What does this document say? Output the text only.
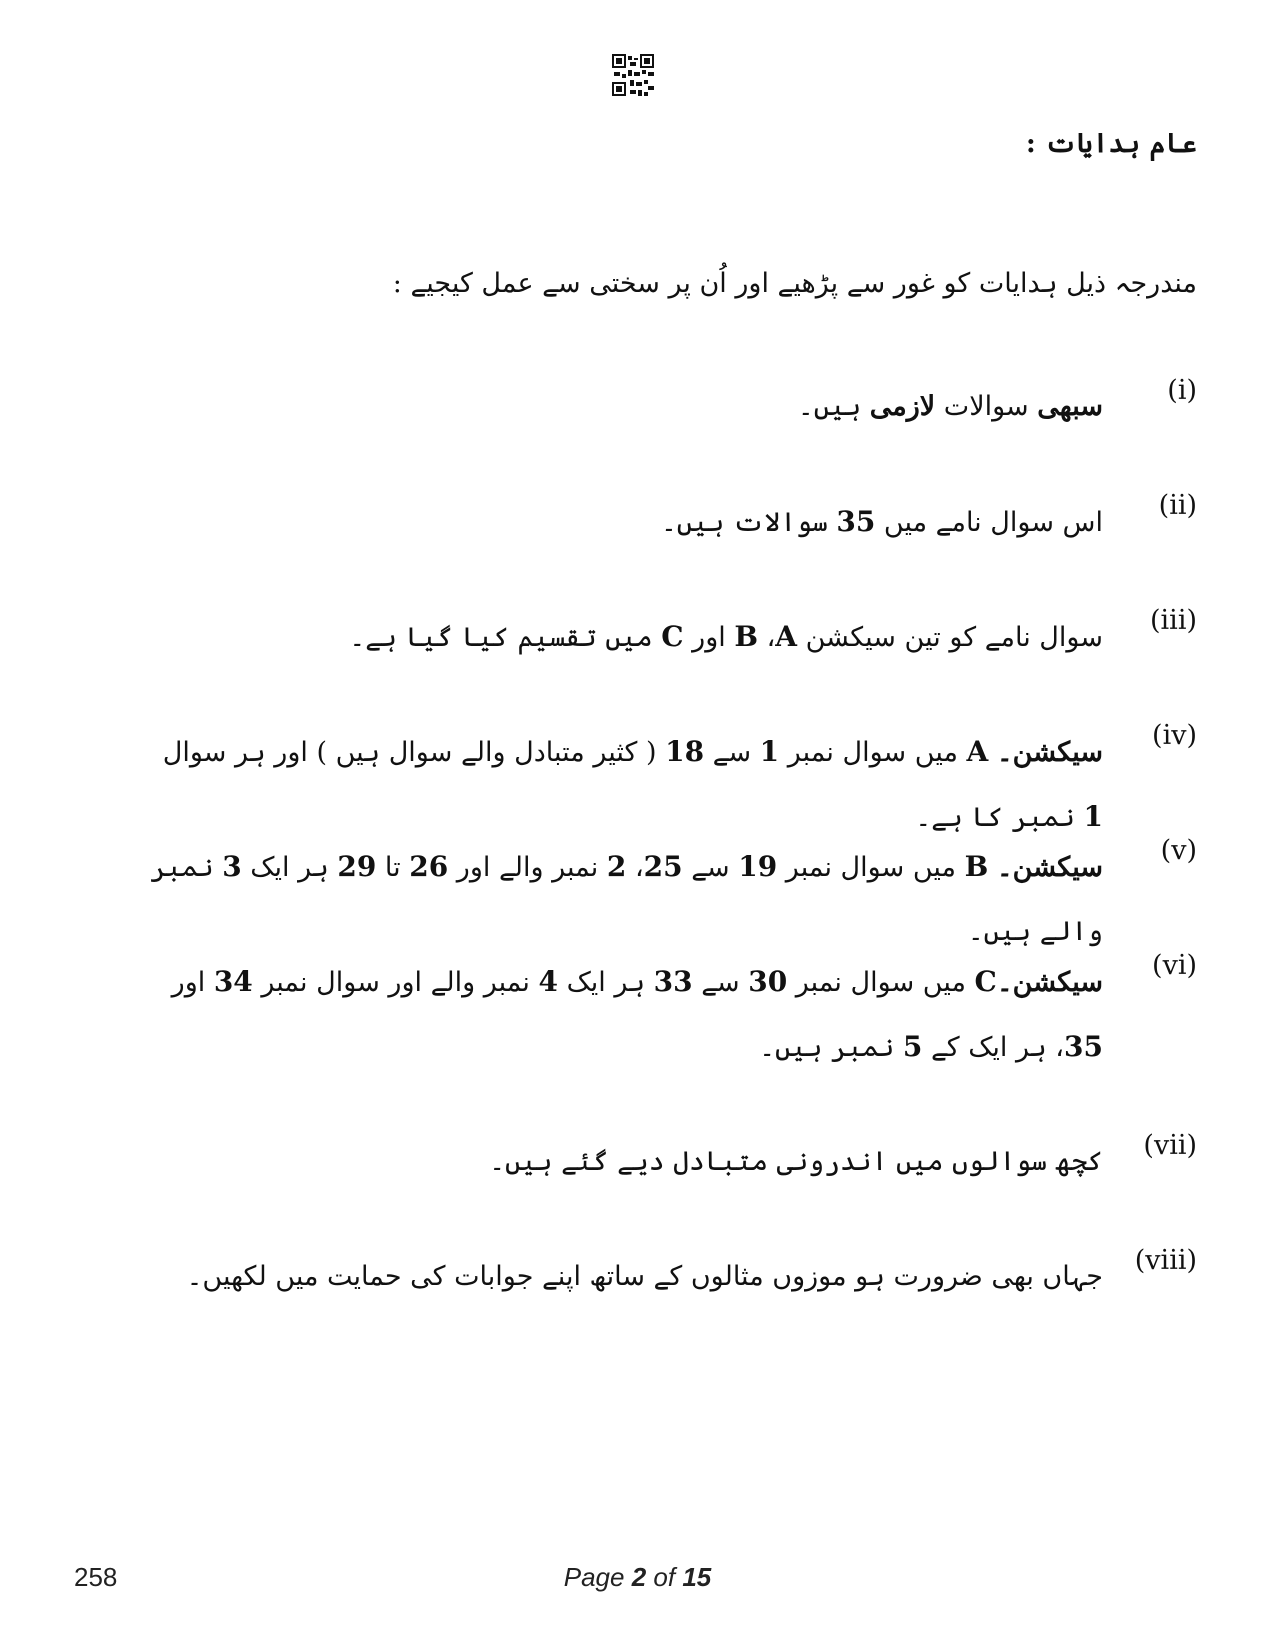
عام ہدایات :
مندرجہ ذیل ہدایات کو غور سے پڑھیے اور اُن پر سختی سے عمل کیجیے :
(i)
سبھی سوالات لازمی ہیں۔
(ii)
اس سوال نامے میں 35 سوالات ہیں۔
(iii)
سوال نامے کو تین سیکشن A، B اور C میں تقسیم کیا گیا ہے۔
(iv)
سیکشن۔ A میں سوال نمبر 1 سے 18 ( کثیر متبادل والے سوال ہیں ) اور ہر سوال 1 نمبر کا ہے۔
(v)
سیکشن۔ B میں سوال نمبر 19 سے 25، 2 نمبر والے اور 26 تا 29 ہر ایک 3 نمبر والے ہیں۔
(vi)
سیکشن۔C میں سوال نمبر 30 سے 33 ہر ایک 4 نمبر والے اور سوال نمبر 34 اور 35، ہر ایک کے 5 نمبر ہیں۔
(vii)
کچھ سوالوں میں اندرونی متبادل دیے گئے ہیں۔
(viii)
جہاں بھی ضرورت ہو موزوں مثالوں کے ساتھ اپنے جوابات کی حمایت میں لکھیں۔
258	Page 2 of 15
